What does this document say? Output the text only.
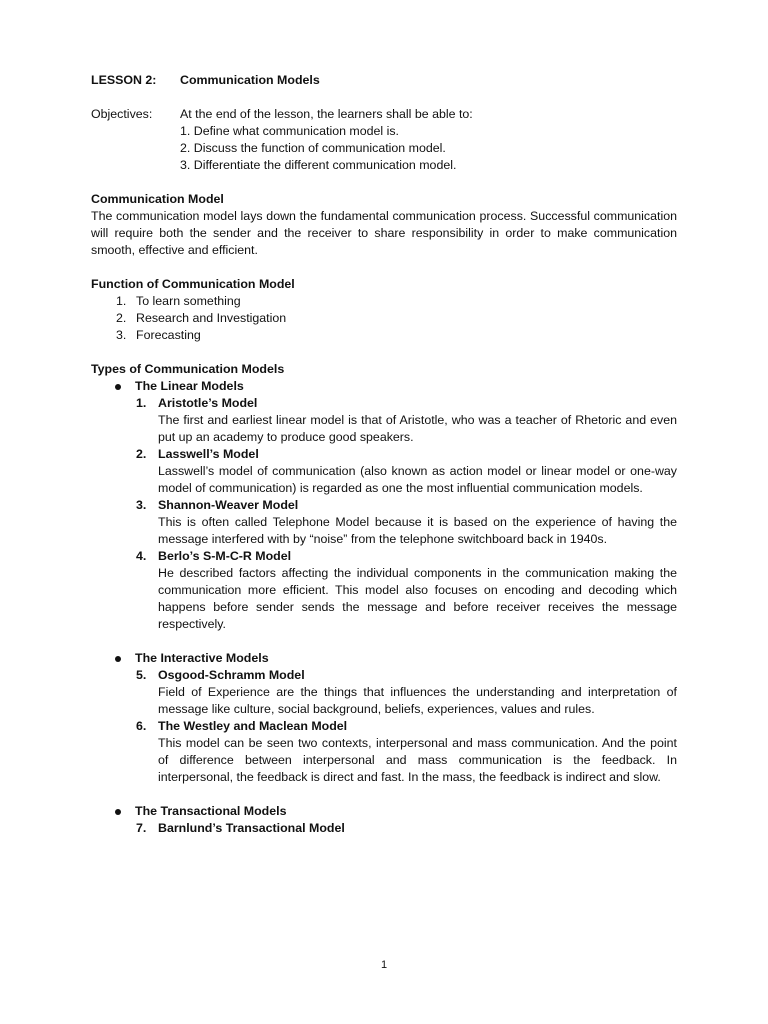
LESSON 2:	Communication Models
Objectives:	At the end of the lesson, the learners shall be able to:
1. Define what communication model is.
2. Discuss the function of communication model.
3. Differentiate the different communication model.
Communication Model
The communication model lays down the fundamental communication process. Successful communication will require both the sender and the receiver to share responsibility in order to make communication smooth, effective and efficient.
Function of Communication Model
1. To learn something
2. Research and Investigation
3. Forecasting
Types of Communication Models
The Linear Models
1. Aristotle’s Model
The first and earliest linear model is that of Aristotle, who was a teacher of Rhetoric and even put up an academy to produce good speakers.
2. Lasswell’s Model
Lasswell’s model of communication (also known as action model or linear model or one-way model of communication) is regarded as one the most influential communication models.
3. Shannon-Weaver Model
This is often called Telephone Model because it is based on the experience of having the message interfered with by “noise” from the telephone switchboard back in 1940s.
4. Berlo’s S-M-C-R Model
He described factors affecting the individual components in the communication making the communication more efficient. This model also focuses on encoding and decoding which happens before sender sends the message and before receiver receives the message respectively.
The Interactive Models
5. Osgood-Schramm Model
Field of Experience are the things that influences the understanding and interpretation of message like culture, social background, beliefs, experiences, values and rules.
6. The Westley and Maclean Model
This model can be seen two contexts, interpersonal and mass communication. And the point of difference between interpersonal and mass communication is the feedback. In interpersonal, the feedback is direct and fast. In the mass, the feedback is indirect and slow.
The Transactional Models
7. Barnlund’s Transactional Model
1
